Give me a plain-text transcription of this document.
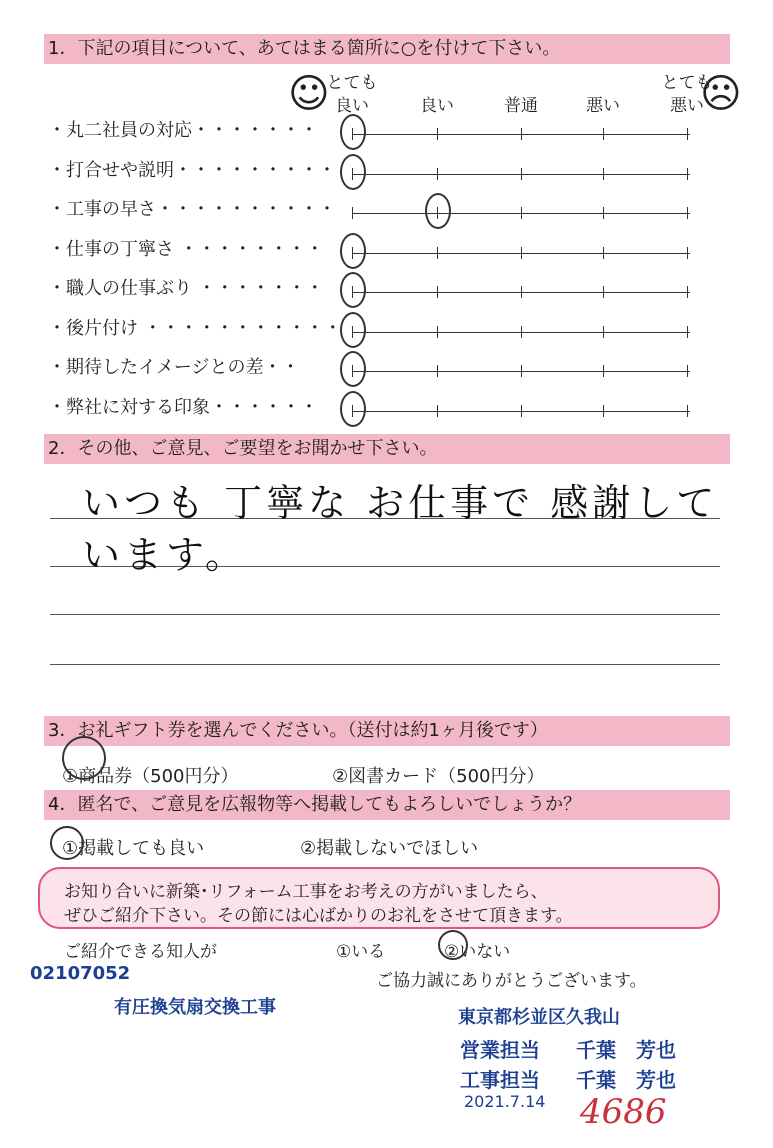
1．下記の項目について、あてはまる箇所に○を付けて下さい。
☺	☹
とても
良い	良い	普通	悪い
とても
悪い
・丸二社員の対応・・・・・・・
・打合せや説明・・・・・・・・・
・工事の早さ・・・・・・・・・・
・仕事の丁寧さ ・・・・・・・・
・職人の仕事ぶり ・・・・・・・
・後片付け ・・・・・・・・・・・
・期待したイメージとの差・・
・弊社に対する印象・・・・・・
2．その他、ご意見、ご要望をお聞かせ下さい。
いつも 丁寧な お仕事で 感謝して
います。
3．お礼ギフト券を選んでください。（送付は約1ヶ月後です）
①商品券（500円分）	②図書カード（500円分）
4．匿名で、ご意見を広報物等へ掲載してもよろしいでしょうか？
①掲載しても良い	②掲載しないでほしい
お知り合いに新築･リフォーム工事をお考えの方がいましたら、
ぜひご紹介下さい。その節には心ばかりのお礼をさせて頂きます。
ご紹介できる知人が	①いる	②いない
ご協力誠にありがとうございます。
02107052
有圧換気扇交換工事	東京都杉並区久我山
営業担当 千葉　芳也
工事担当 千葉　芳也
2021.7.14 4686
